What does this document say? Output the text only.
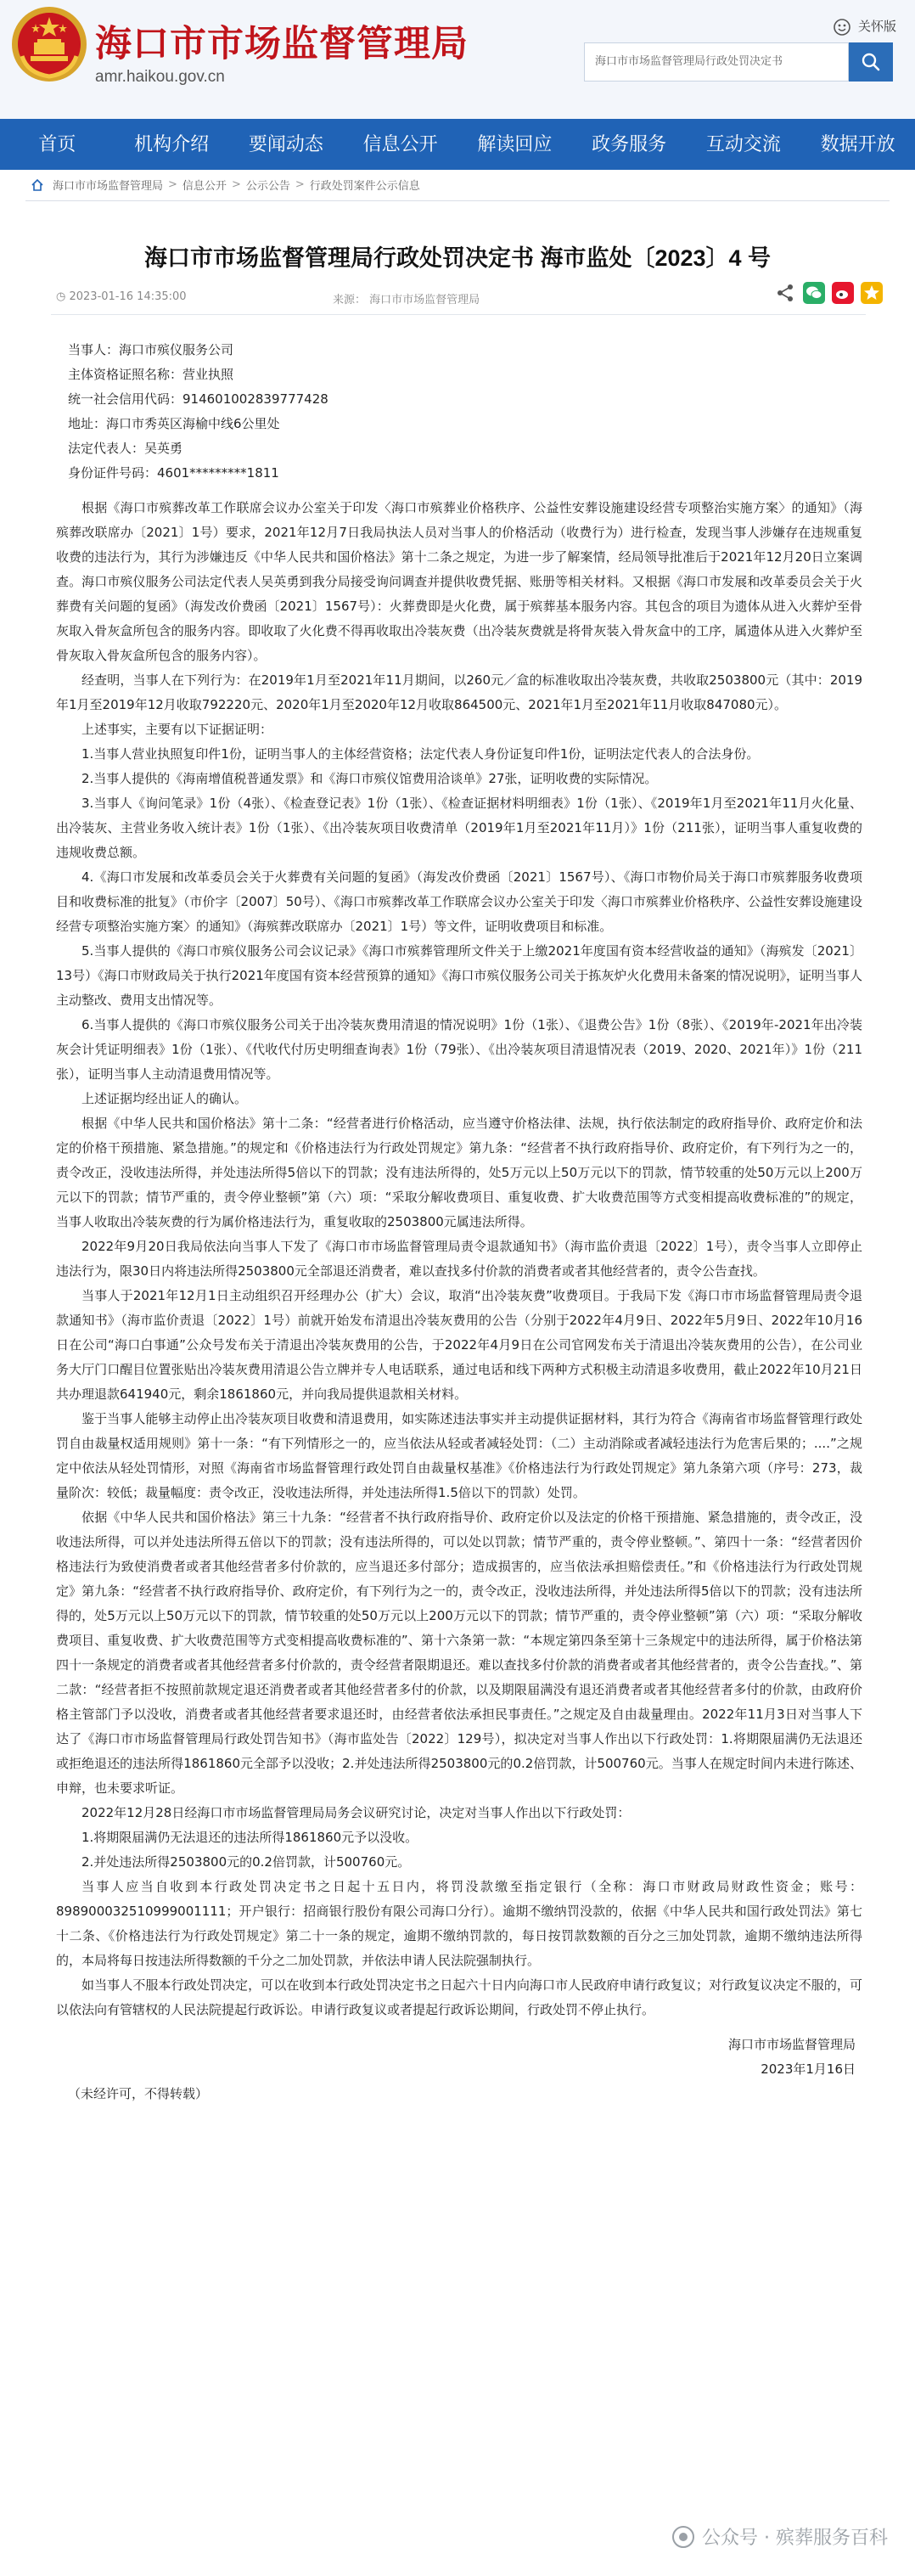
海口市市场监督管理局
amr.haikou.gov.cn
关怀版
海口市市场监督管理局行政处罚决定书
首页	机构介绍	要闻动态	信息公开	解读回应	政务服务	互动交流	数据开放
海口市市场监督管理局 > 信息公开 > 公示公告 > 行政处罚案件公示信息
海口市市场监督管理局行政处罚决定书 海市监处〔2023〕4 号
◷ 2023-01-16 14:35:00	来源： 海口市市场监督管理局
当事人：海口市殡仪服务公司
主体资格证照名称：营业执照
统一社会信用代码：914601002839777428
地址：海口市秀英区海榆中线6公里处
法定代表人：吴英勇
身份证件号码：4601*********1811

根据《海口市殡葬改革工作联席会议办公室关于印发〈海口市殡葬业价格秩序、公益性安葬设施建设经营专项整治实施方案〉的通知》（海殡葬改联席办〔2021〕1号）要求，2021年12月7日我局执法人员对当事人的价格活动（收费行为）进行检查，发现当事人涉嫌存在违规重复收费的违法行为，其行为涉嫌违反《中华人民共和国价格法》第十二条之规定，为进一步了解案情，经局领导批准后于2021年12月20日立案调查。海口市殡仪服务公司法定代表人吴英勇到我分局接受询问调查并提供收费凭据、账册等相关材料。又根据《海口市发展和改革委员会关于火葬费有关问题的复函》（海发改价费函〔2021〕1567号）：火葬费即是火化费，属于殡葬基本服务内容。其包含的项目为遗体从进入火葬炉至骨灰取入骨灰盒所包含的服务内容。即收取了火化费不得再收取出冷装灰费（出冷装灰费就是将骨灰装入骨灰盒中的工序，属遗体从进入火葬炉至骨灰取入骨灰盒所包含的服务内容）。

经查明，当事人在下列行为：在2019年1月至2021年11月期间，以260元／盒的标准收取出冷装灰费，共收取2503800元（其中：2019年1月至2019年12月收取792220元、2020年1月至2020年12月收取864500元、2021年1月至2021年11月收取847080元）。

上述事实，主要有以下证据证明：

1.当事人营业执照复印件1份，证明当事人的主体经营资格；法定代表人身份证复印件1份，证明法定代表人的合法身份。

2.当事人提供的《海南增值税普通发票》和《海口市殡仪馆费用洽谈单》27张，证明收费的实际情况。

3.当事人《询问笔录》1份（4张）、《检查登记表》1份（1张）、《检查证据材料明细表》1份（1张）、《2019年1月至2021年11月火化量、出冷装灰、主营业务收入统计表》1份（1张）、《出冷装灰项目收费清单（2019年1月至2021年11月）》1份（211张），证明当事人重复收费的违规收费总额。

4.《海口市发展和改革委员会关于火葬费有关问题的复函》（海发改价费函〔2021〕1567号）、《海口市物价局关于海口市殡葬服务收费项目和收费标准的批复》（市价字〔2007〕50号）、《海口市殡葬改革工作联席会议办公室关于印发〈海口市殡葬业价格秩序、公益性安葬设施建设经营专项整治实施方案〉的通知》（海殡葬改联席办〔2021〕1号）等文件，证明收费项目和标准。

5.当事人提供的《海口市殡仪服务公司会议记录》《海口市殡葬管理所文件关于上缴2021年度国有资本经营收益的通知》（海殡发〔2021〕13号）《海口市财政局关于执行2021年度国有资本经营预算的通知》《海口市殡仪服务公司关于拣灰炉火化费用未备案的情况说明》，证明当事人主动整改、费用支出情况等。

6.当事人提供的《海口市殡仪服务公司关于出冷装灰费用清退的情况说明》1份（1张）、《退费公告》1份（8张）、《2019年-2021年出冷装灰会计凭证明细表》1份（1张）、《代收代付历史明细查询表》1份（79张）、《出冷装灰项目清退情况表（2019、2020、2021年）》1份（211张），证明当事人主动清退费用情况等。

上述证据均经出证人的确认。

根据《中华人民共和国价格法》第十二条：“经营者进行价格活动，应当遵守价格法律、法规，执行依法制定的政府指导价、政府定价和法定的价格干预措施、紧急措施。”的规定和《价格违法行为行政处罚规定》第九条：“经营者不执行政府指导价、政府定价，有下列行为之一的，责令改正，没收违法所得，并处违法所得5倍以下的罚款；没有违法所得的，处5万元以上50万元以下的罚款，情节较重的处50万元以上200万元以下的罚款；情节严重的，责令停业整顿”第（六）项：“采取分解收费项目、重复收费、扩大收费范围等方式变相提高收费标准的”的规定，当事人收取出冷装灰费的行为属价格违法行为，重复收取的2503800元属违法所得。

2022年9月20日我局依法向当事人下发了《海口市市场监督管理局责令退款通知书》（海市监价责退〔2022〕1号），责令当事人立即停止违法行为，限30日内将违法所得2503800元全部退还消费者，难以查找多付价款的消费者或者其他经营者的，责令公告查找。

当事人于2021年12月1日主动组织召开经理办公（扩大）会议，取消“出冷装灰费”收费项目。于我局下发《海口市市场监督管理局责令退款通知书》（海市监价责退〔2022〕1号）前就开始发布清退出冷装灰费用的公告（分别于2022年4月9日、2022年5月9日、2022年10月16日在公司“海口白事通”公众号发布关于清退出冷装灰费用的公告，于2022年4月9日在公司官网发布关于清退出冷装灰费用的公告），在公司业务大厅门口醒目位置张贴出冷装灰费用清退公告立牌并专人电话联系，通过电话和线下两种方式积极主动清退多收费用，截止2022年10月21日共办理退款641940元，剩余1861860元，并向我局提供退款相关材料。

鉴于当事人能够主动停止出冷装灰项目收费和清退费用，如实陈述违法事实并主动提供证据材料，其行为符合《海南省市场监督管理行政处罚自由裁量权适用规则》第十一条：“有下列情形之一的，应当依法从轻或者减轻处罚：（二）主动消除或者减轻违法行为危害后果的；....”之规定中依法从轻处罚情形，对照《海南省市场监督管理行政处罚自由裁量权基准》《价格违法行为行政处罚规定》第九条第六项（序号：273，裁量阶次：较低；裁量幅度：责令改正，没收违法所得，并处违法所得1.5倍以下的罚款）处罚。

依据《中华人民共和国价格法》第三十九条：“经营者不执行政府指导价、政府定价以及法定的价格干预措施、紧急措施的，责令改正，没收违法所得，可以并处违法所得五倍以下的罚款；没有违法所得的，可以处以罚款；情节严重的，责令停业整顿。”、第四十一条：“经营者因价格违法行为致使消费者或者其他经营者多付价款的，应当退还多付部分；造成损害的，应当依法承担赔偿责任。”和《价格违法行为行政处罚规定》第九条：“经营者不执行政府指导价、政府定价，有下列行为之一的，责令改正，没收违法所得，并处违法所得5倍以下的罚款；没有违法所得的，处5万元以上50万元以下的罚款，情节较重的处50万元以上200万元以下的罚款；情节严重的，责令停业整顿”第（六）项：“采取分解收费项目、重复收费、扩大收费范围等方式变相提高收费标准的”、第十六条第一款：“本规定第四条至第十三条规定中的违法所得，属于价格法第四十一条规定的消费者或者其他经营者多付价款的，责令经营者限期退还。难以查找多付价款的消费者或者其他经营者的，责令公告查找。”、第二款：“经营者拒不按照前款规定退还消费者或者其他经营者多付的价款，以及期限届满没有退还消费者或者其他经营者多付的价款，由政府价格主管部门予以没收，消费者或者其他经营者要求退还时，由经营者依法承担民事责任。”之规定及自由裁量理由。2022年11月3日对当事人下达了《海口市市场监督管理局行政处罚告知书》（海市监处告〔2022〕129号），拟决定对当事人作出以下行政处罚：1.将期限届满仍无法退还或拒绝退还的违法所得1861860元全部予以没收；2.并处违法所得2503800元的0.2倍罚款，计500760元。当事人在规定时间内未进行陈述、申辩，也未要求听证。

2022年12月28日经海口市市场监督管理局局务会议研究讨论，决定对当事人作出以下行政处罚：

1.将期限届满仍无法退还的违法所得1861860元予以没收。

2.并处违法所得2503800元的0.2倍罚款，计500760元。

当事人应当自收到本行政处罚决定书之日起十五日内，将罚没款缴至指定银行（全称：海口市财政局财政性资金；账号：898900032510999001111；开户银行：招商银行股份有限公司海口分行）。逾期不缴纳罚没款的，依据《中华人民共和国行政处罚法》第七十二条、《价格违法行为行政处罚规定》第二十一条的规定，逾期不缴纳罚款的，每日按罚款数额的百分之三加处罚款，逾期不缴纳违法所得的，本局将每日按违法所得数额的千分之二加处罚款，并依法申请人民法院强制执行。

如当事人不服本行政处罚决定，可以在收到本行政处罚决定书之日起六十日内向海口市人民政府申请行政复议；对行政复议决定不服的，可以依法向有管辖权的人民法院提起行政诉讼。申请行政复议或者提起行政诉讼期间，行政处罚不停止执行。

海口市市场监督管理局
2023年1月16日
（未经许可，不得转载）
公众号 · 殡葬服务百科
